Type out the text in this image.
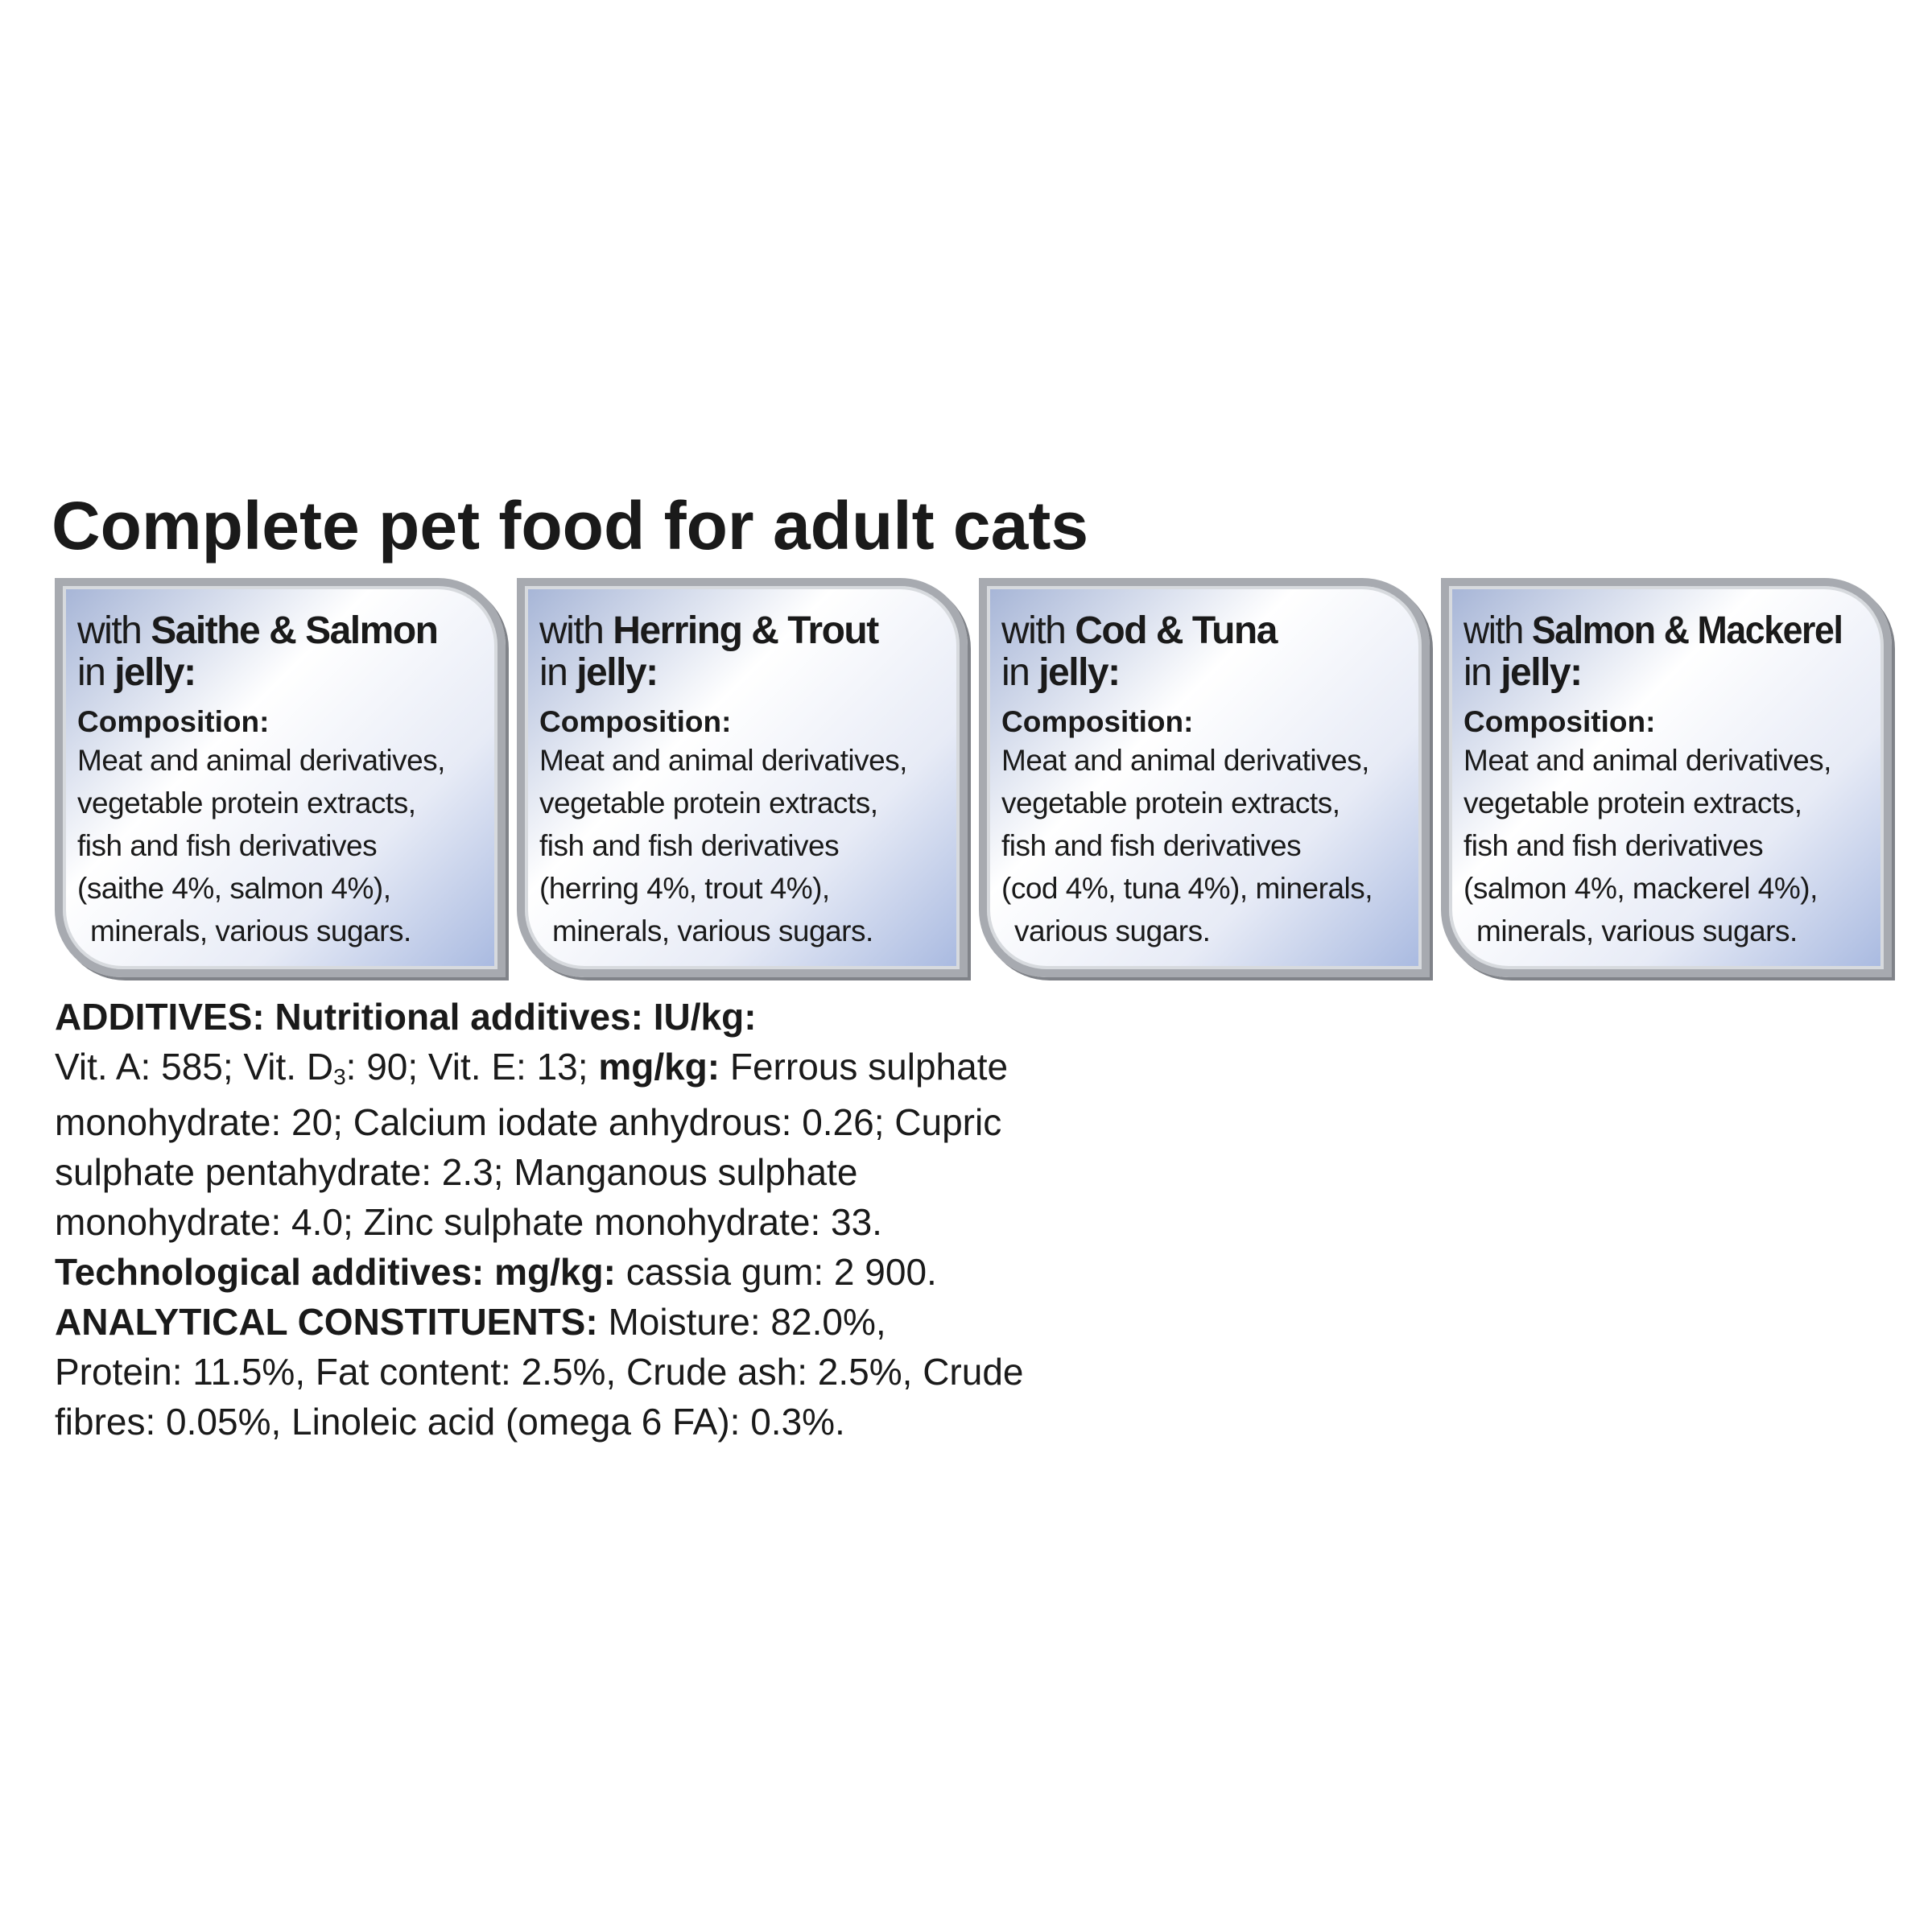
Complete pet food for adult cats
with Saithe & Salmon
in jelly:
Composition:
Meat and animal derivatives,
vegetable protein extracts,
fish and fish derivatives
(saithe 4%, salmon 4%),
minerals, various sugars.
with Herring & Trout
in jelly:
Composition:
Meat and animal derivatives,
vegetable protein extracts,
fish and fish derivatives
(herring 4%, trout 4%),
minerals, various sugars.
with Cod & Tuna
in jelly:
Composition:
Meat and animal derivatives,
vegetable protein extracts,
fish and fish derivatives
(cod 4%, tuna 4%), minerals,
various sugars.
with Salmon & Mackerel
in jelly:
Composition:
Meat and animal derivatives,
vegetable protein extracts,
fish and fish derivatives
(salmon 4%, mackerel 4%),
minerals, various sugars.
ADDITIVES: Nutritional additives: IU/kg:
Vit. A: 585; Vit. $D_3$: 90; Vit. E: 13; mg/kg: Ferrous sulphate
monohydrate: 20; Calcium iodate anhydrous: 0.26; Cupric
sulphate pentahydrate: 2.3; Manganous sulphate
monohydrate: 4.0; Zinc sulphate monohydrate: 33.
Technological additives: mg/kg: cassia gum: 2 900.
ANALYTICAL CONSTITUENTS: Moisture: 82.0%,
Protein: 11.5%, Fat content: 2.5%, Crude ash: 2.5%, Crude
fibres: 0.05%, Linoleic acid (omega 6 FA): 0.3%.
